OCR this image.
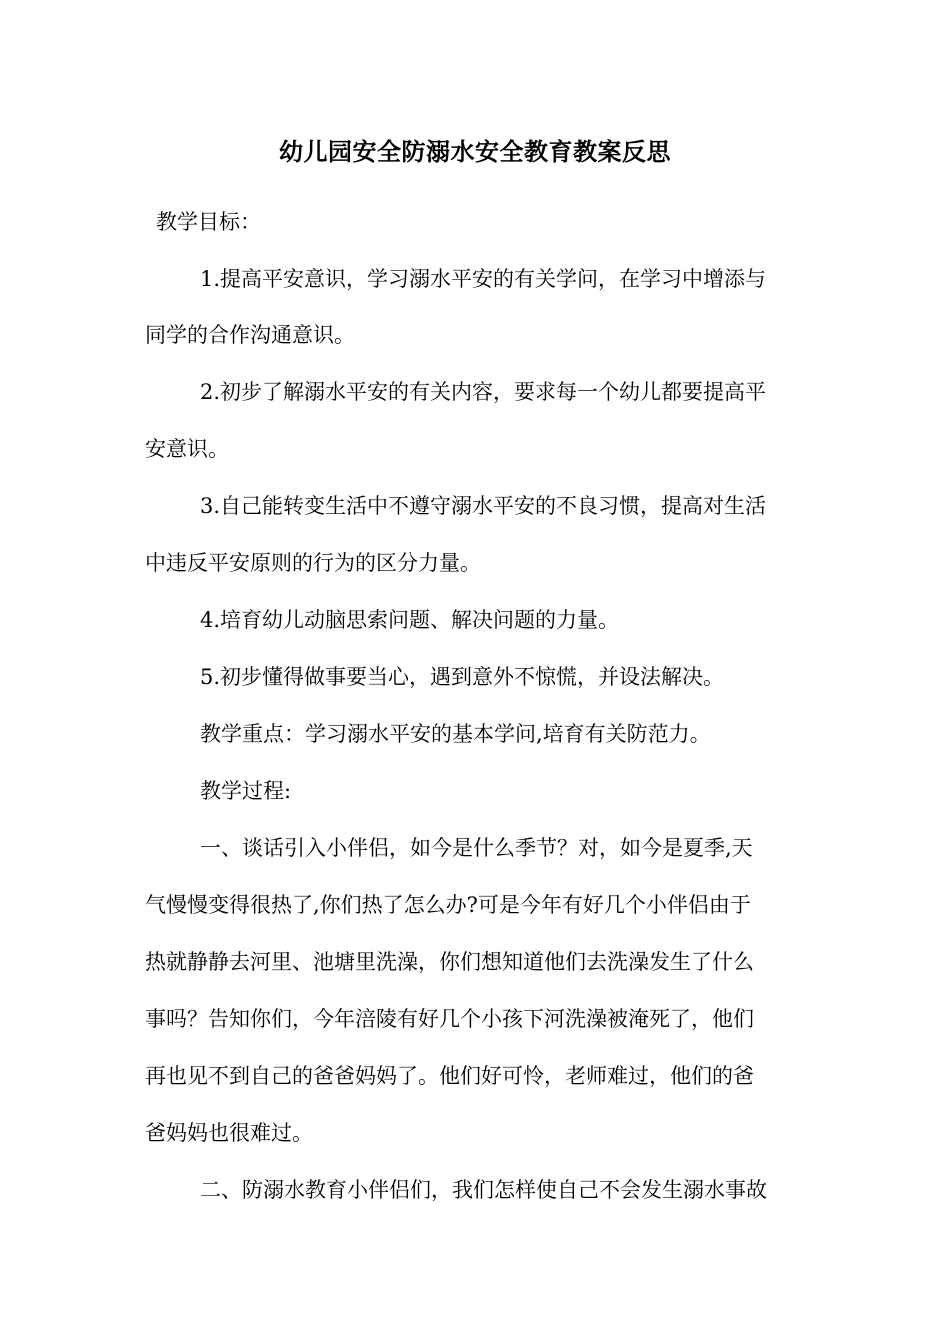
幼儿园安全防溺水安全教育教案反思
教学目标：
1.提高平安意识，学习溺水平安的有关学问，在学习中增添与
同学的合作沟通意识。
2.初步了解溺水平安的有关内容，要求每一个幼儿都要提高平
安意识。
3.自己能转变生活中不遵守溺水平安的不良习惯，提高对生活
中违反平安原则的行为的区分力量。
4.培育幼儿动脑思索问题、解决问题的力量。
5.初步懂得做事要当心，遇到意外不惊慌，并设法解决。
教学重点：学习溺水平安的基本学问,培育有关防范力。
教学过程:
一、谈话引入小伴侣，如今是什么季节？对，如今是夏季,天
气慢慢变得很热了,你们热了怎么办?可是今年有好几个小伴侣由于
热就静静去河里、池塘里洗澡，你们想知道他们去洗澡发生了什么
事吗？告知你们，今年涪陵有好几个小孩下河洗澡被淹死了，他们
再也见不到自己的爸爸妈妈了。他们好可怜，老师难过，他们的爸
爸妈妈也很难过。
二、防溺水教育小伴侣们，我们怎样使自己不会发生溺水事故
